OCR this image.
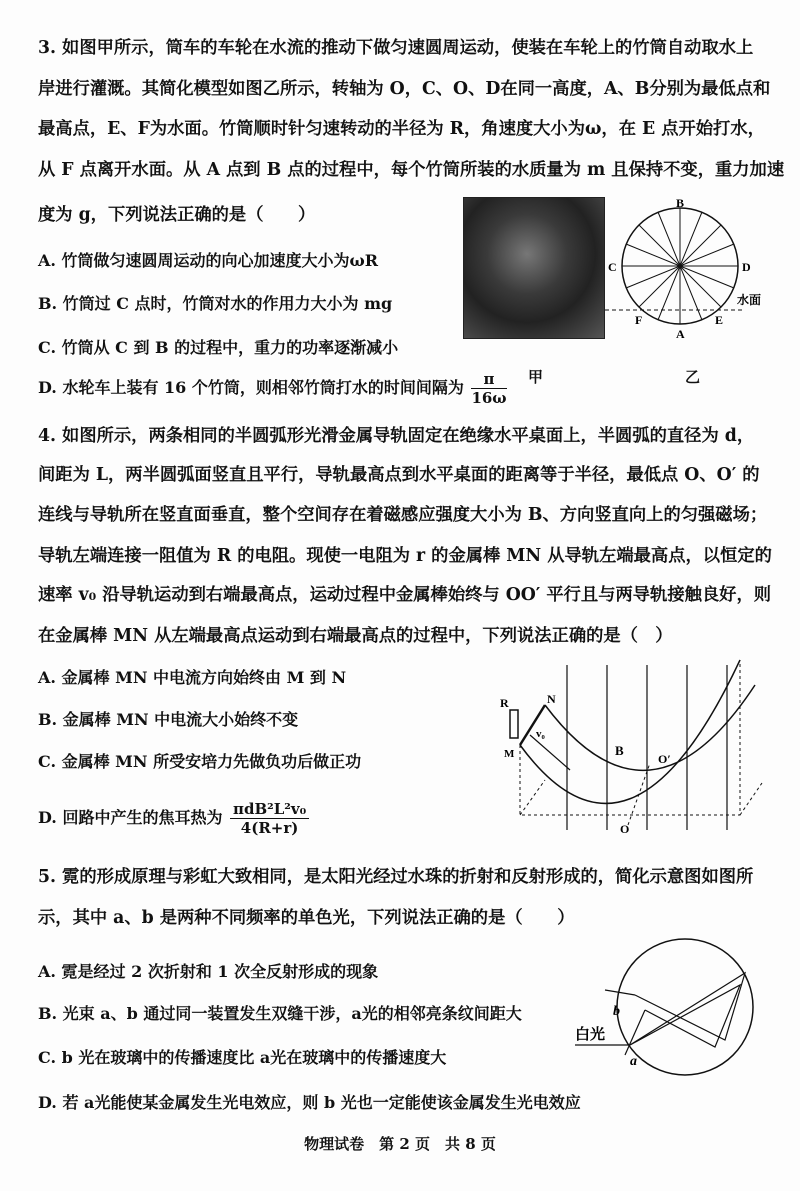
3. 如图甲所示，筒车的车轮在水流的推动下做匀速圆周运动，使装在车轮上的竹筒自动取水上
岸进行灌溉。其简化模型如图乙所示，转轴为 O，C、O、D在同一高度，A、B分别为最低点和
最高点，E、F为水面。竹筒顺时针匀速转动的半径为 R，角速度大小为ω，在 E 点开始打水，
从 F 点离开水面。从 A 点到 B 点的过程中，每个竹筒所装的水质量为 m 且保持不变，重力加速
度为 g，下列说法正确的是（　　）
A. 竹筒做匀速圆周运动的向心加速度大小为ωR
B. 竹筒过 C 点时，竹筒对水的作用力大小为 mg
C. 竹筒从 C 到 B 的过程中，重力的功率逐渐减小
D. 水轮车上装有 16 个竹筒，则相邻竹筒打水的时间间隔为 $\frac{\pi}{16\omega}$ 甲
B
C	D
A
E
F
水面
乙
4. 如图所示，两条相同的半圆弧形光滑金属导轨固定在绝缘水平桌面上，半圆弧的直径为 d，
间距为 L，两半圆弧面竖直且平行，导轨最高点到水平桌面的距离等于半径，最低点 O、O′ 的
连线与导轨所在竖直面垂直，整个空间存在着磁感应强度大小为 B、方向竖直向上的匀强磁场；
导轨左端连接一阻值为 R 的电阻。现使一电阻为 r 的金属棒 MN 从导轨左端最高点，以恒定的
速率 v₀ 沿导轨运动到右端最高点，运动过程中金属棒始终与 OO′ 平行且与两导轨接触良好，则
在金属棒 MN 从左端最高点运动到右端最高点的过程中，下列说法正确的是（　）
A. 金属棒 MN 中电流方向始终由 M 到 N
B. 金属棒 MN 中电流大小始终不变
C. 金属棒 MN 所受安培力先做负功后做正功
D. 回路中产生的焦耳热为 $\frac{\text{πdB²L²v₀}}{4(R+r)}$
R	N
v₀
B
M	O′
O
5. 霓的形成原理与彩虹大致相同，是太阳光经过水珠的折射和反射形成的，简化示意图如图所
示，其中 a、b 是两种不同频率的单色光，下列说法正确的是（　　）
A. 霓是经过 2 次折射和 1 次全反射形成的现象
B. 光束 a、b 通过同一装置发生双缝干涉，a光的相邻亮条纹间距大
C. b 光在玻璃中的传播速度比 a光在玻璃中的传播速度大
D. 若 a光能使某金属发生光电效应，则 b 光也一定能使该金属发生光电效应
白光
b
a
物理试卷　第 2 页　共 8 页
